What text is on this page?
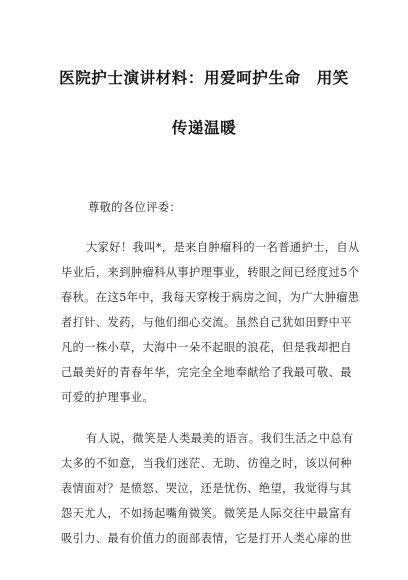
医院护士演讲材料：用爱呵护生命　用笑
传递温暖
尊敬的各位评委：
大家好！我叫*，是来自肿瘤科的一名普通护士，自从
毕业后，来到肿瘤科从事护理事业，转眼之间已经度过5个
春秋。在这5年中，我每天穿梭于病房之间，为广大肿瘤患
者打针、发药，与他们细心交流。虽然自己犹如田野中平
凡的一株小草，大海中一朵不起眼的浪花，但是我却把自
己最美好的青春年华，完完全全地奉献给了我最可敬、最
可爱的护理事业。
有人说，微笑是人类最美的语言。我们生活之中总有
太多的不如意，当我们迷茫、无助、彷徨之时，该以何种
表情面对？是愤怒、哭泣，还是忧伤、绝望，我觉得与其
怨天尤人，不如扬起嘴角微笑。微笑是人际交往中最富有
吸引力、最有价值力的面部表情，它是打开人类心扉的世
